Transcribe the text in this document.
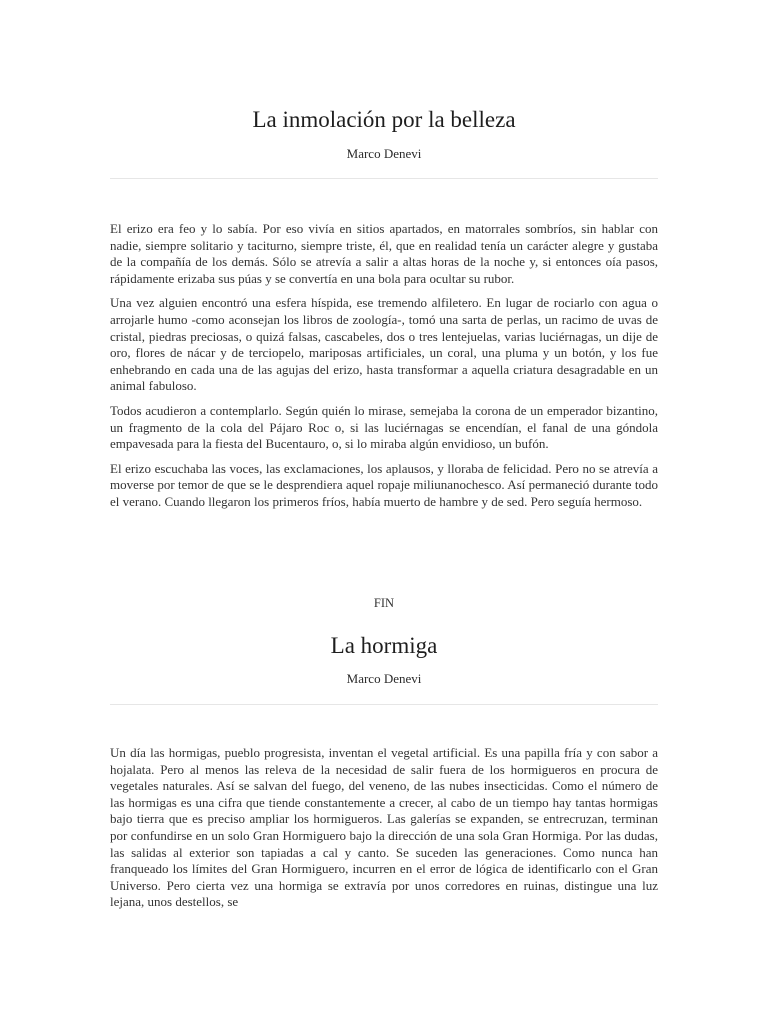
La inmolación por la belleza

Marco Denevi

El erizo era feo y lo sabía. Por eso vivía en sitios apartados, en matorrales sombríos, sin hablar con nadie, siempre solitario y taciturno, siempre triste, él, que en realidad tenía un carácter alegre y gustaba de la compañía de los demás. Sólo se atrevía a salir a altas horas de la noche y, si entonces oía pasos, rápidamente erizaba sus púas y se convertía en una bola para ocultar su rubor.

Una vez alguien encontró una esfera híspida, ese tremendo alfiletero. En lugar de rociarlo con agua o arrojarle humo -como aconsejan los libros de zoología-, tomó una sarta de perlas, un racimo de uvas de cristal, piedras preciosas, o quizá falsas, cascabeles, dos o tres lentejuelas, varias luciérnagas, un dije de oro, flores de nácar y de terciopelo, mariposas artificiales, un coral, una pluma y un botón, y los fue enhebrando en cada una de las agujas del erizo, hasta transformar a aquella criatura desagradable en un animal fabuloso.

Todos acudieron a contemplarlo. Según quién lo mirase, semejaba la corona de un emperador bizantino, un fragmento de la cola del Pájaro Roc o, si las luciérnagas se encendían, el fanal de una góndola empavesada para la fiesta del Bucentauro, o, si lo miraba algún envidioso, un bufón.

El erizo escuchaba las voces, las exclamaciones, los aplausos, y lloraba de felicidad. Pero no se atrevía a moverse por temor de que se le desprendiera aquel ropaje miliunanochesco. Así permaneció durante todo el verano. Cuando llegaron los primeros fríos, había muerto de hambre y de sed. Pero seguía hermoso.

FIN

La hormiga

Marco Denevi

Un día las hormigas, pueblo progresista, inventan el vegetal artificial. Es una papilla fría y con sabor a hojalata. Pero al menos las releva de la necesidad de salir fuera de los hormigueros en procura de vegetales naturales. Así se salvan del fuego, del veneno, de las nubes insecticidas. Como el número de las hormigas es una cifra que tiende constantemente a crecer, al cabo de un tiempo hay tantas hormigas bajo tierra que es preciso ampliar los hormigueros. Las galerías se expanden, se entrecruzan, terminan por confundirse en un solo Gran Hormiguero bajo la dirección de una sola Gran Hormiga. Por las dudas, las salidas al exterior son tapiadas a cal y canto. Se suceden las generaciones. Como nunca han franqueado los límites del Gran Hormiguero, incurren en el error de lógica de identificarlo con el Gran Universo. Pero cierta vez una hormiga se extravía por unos corredores en ruinas, distingue una luz lejana, unos destellos, se
